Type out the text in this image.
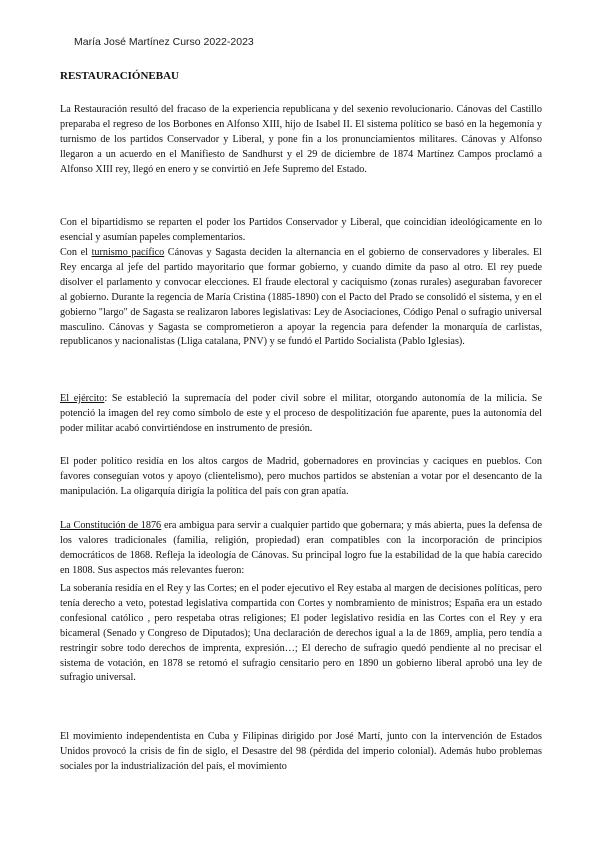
María José Martínez Curso 2022-2023
RESTAURACIÓNEBAU
La Restauración resultó del fracaso de la experiencia republicana y del sexenio revolucionario. Cánovas del Castillo preparaba el regreso de los Borbones en Alfonso XIII, hijo de Isabel II. El sistema político se basó en la hegemonía y turnismo de los partidos Conservador y Liberal, y pone fin a los pronunciamientos militares. Cánovas y Alfonso llegaron a un acuerdo en el Manifiesto de Sandhurst y el 29 de diciembre de 1874 Martínez Campos proclamó a Alfonso XIII rey, llegó en enero y se convirtió en Jefe Supremo del Estado.
Con el bipartidismo se reparten el poder los Partidos Conservador y Liberal, que coincidían ideológicamente en lo esencial y asumían papeles complementarios.
Con el turnismo pacífico Cánovas y Sagasta deciden la alternancia en el gobierno de conservadores y liberales. El Rey encarga al jefe del partido mayoritario que formar gobierno, y cuando dimite da paso al otro. El rey puede disolver el parlamento y convocar elecciones. El fraude electoral y caciquismo (zonas rurales) aseguraban favorecer al gobierno. Durante la regencia de María Cristina (1885-1890) con el Pacto del Prado se consolidó el sistema, y en el gobierno "largo" de Sagasta se realizaron labores legislativas: Ley de Asociaciones, Código Penal o sufragio universal masculino. Cánovas y Sagasta se comprometieron a apoyar la regencia para defender la monarquía de carlistas, republicanos y nacionalistas (Lliga catalana, PNV) y se fundó el Partido Socialista (Pablo Iglesias).
El ejército: Se estableció la supremacía del poder civil sobre el militar, otorgando autonomía de la milicia. Se potenció la imagen del rey como símbolo de este y el proceso de despolitización fue aparente, pues la autonomía del poder militar acabó convirtiéndose en instrumento de presión.
El poder político residía en los altos cargos de Madrid, gobernadores en provincias y caciques en pueblos. Con favores conseguían votos y apoyo (clientelismo), pero muchos partidos se abstenían a votar por el desencanto de la manipulación. La oligarquía dirigía la política del país con gran apatía.
La Constitución de 1876 era ambigua para servir a cualquier partido que gobernara; y más abierta, pues la defensa de los valores tradicionales (familia, religión, propiedad) eran compatibles con la incorporación de principios democráticos de 1868. Refleja la ideología de Cánovas. Su principal logro fue la estabilidad de la que había carecido en 1808. Sus aspectos más relevantes fueron:
La soberanía residía en el Rey y las Cortes; en el poder ejecutivo el Rey estaba al margen de decisiones políticas, pero tenía derecho a veto, potestad legislativa compartida con Cortes y nombramiento de ministros; España era un estado confesional católico , pero respetaba otras religiones; El poder legislativo residía en las Cortes con el Rey y era bicameral (Senado y Congreso de Diputados); Una declaración de derechos igual a la de 1869, amplia, pero tendía a restringir sobre todo derechos de imprenta, expresión…; El derecho de sufragio quedó pendiente al no precisar el sistema de votación, en 1878 se retomó el sufragio censitario pero en 1890 un gobierno liberal aprobó una ley de sufragio universal.
El movimiento independentista en Cuba y Filipinas dirigido por José Martí, junto con la intervención de Estados Unidos provocó la crisis de fin de siglo, el Desastre del 98 (pérdida del imperio colonial). Además hubo problemas sociales por la industrialización del país, el movimiento
